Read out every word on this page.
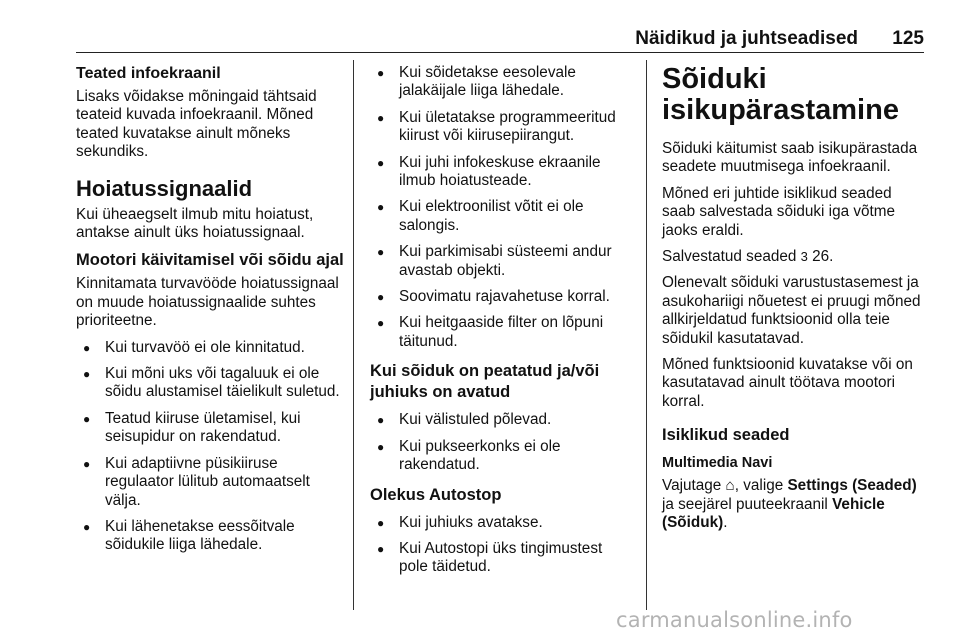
Näidikud ja juhtseadised 125
Teated infoekraanil

Lisaks võidakse mõningaid tähtsaid teateid kuvada infoekraanil. Mõned teated kuvatakse ainult mõneks sekundiks.

Hoiatussignaalid

Kui üheaegselt ilmub mitu hoiatust, antakse ainult üks hoiatussignaal.

Mootori käivitamisel või sõidu ajal

Kinnitamata turvavööde hoiatussignaal on muude hoiatussignaalide suhtes prioriteetne.

● Kui turvavöö ei ole kinnitatud.
● Kui mõni uks või tagaluuk ei ole sõidu alustamisel täielikult suletud.
● Teatud kiiruse ületamisel, kui seisupidur on rakendatud.
● Kui adaptiivne püsikiiruse regulaator lülitub automaatselt välja.
● Kui lähenetakse eessõitvale sõidukile liiga lähedale.
● Kui sõidetakse eesolevale jalakäijale liiga lähedale.
● Kui ületatakse programmeeritud kiirust või kiirusepiirangut.
● Kui juhi infokeskuse ekraanile ilmub hoiatusteade.
● Kui elektroonilist võtit ei ole salongis.
● Kui parkimisabi süsteemi andur avastab objekti.
● Soovimatu rajavahetuse korral.
● Kui heitgaaside filter on lõpuni täitunud.
Kui sõiduk on peatatud ja/või juhiuks on avatud
● Kui välistuled põlevad.
● Kui pukseerkonks ei ole rakendatud.
Olekus Autostop
● Kui juhiuks avatakse.
● Kui Autostopi üks tingimustest pole täidetud.
Sõiduki isikupärastamine

Sõiduki käitumist saab isikupärastada seadete muutmisega infoekraanil.

Mõned eri juhtide isiklikud seaded saab salvestada sõiduki iga võtme jaoks eraldi.

Salvestatud seaded 3 26.

Olenevalt sõiduki varustustasemest ja asukohariigi nõuetest ei pruugi mõned allkirjeldatud funktsioonid olla teie sõidukil kasutatavad.

Mõned funktsioonid kuvatakse või on kasutatavad ainult töötava mootori korral.

Isiklikud seaded
Multimedia Navi

Vajutage ⌂, valige Settings (Seaded) ja seejärel puuteekraanil Vehicle (Sõiduk).

carmanualsonline.info
